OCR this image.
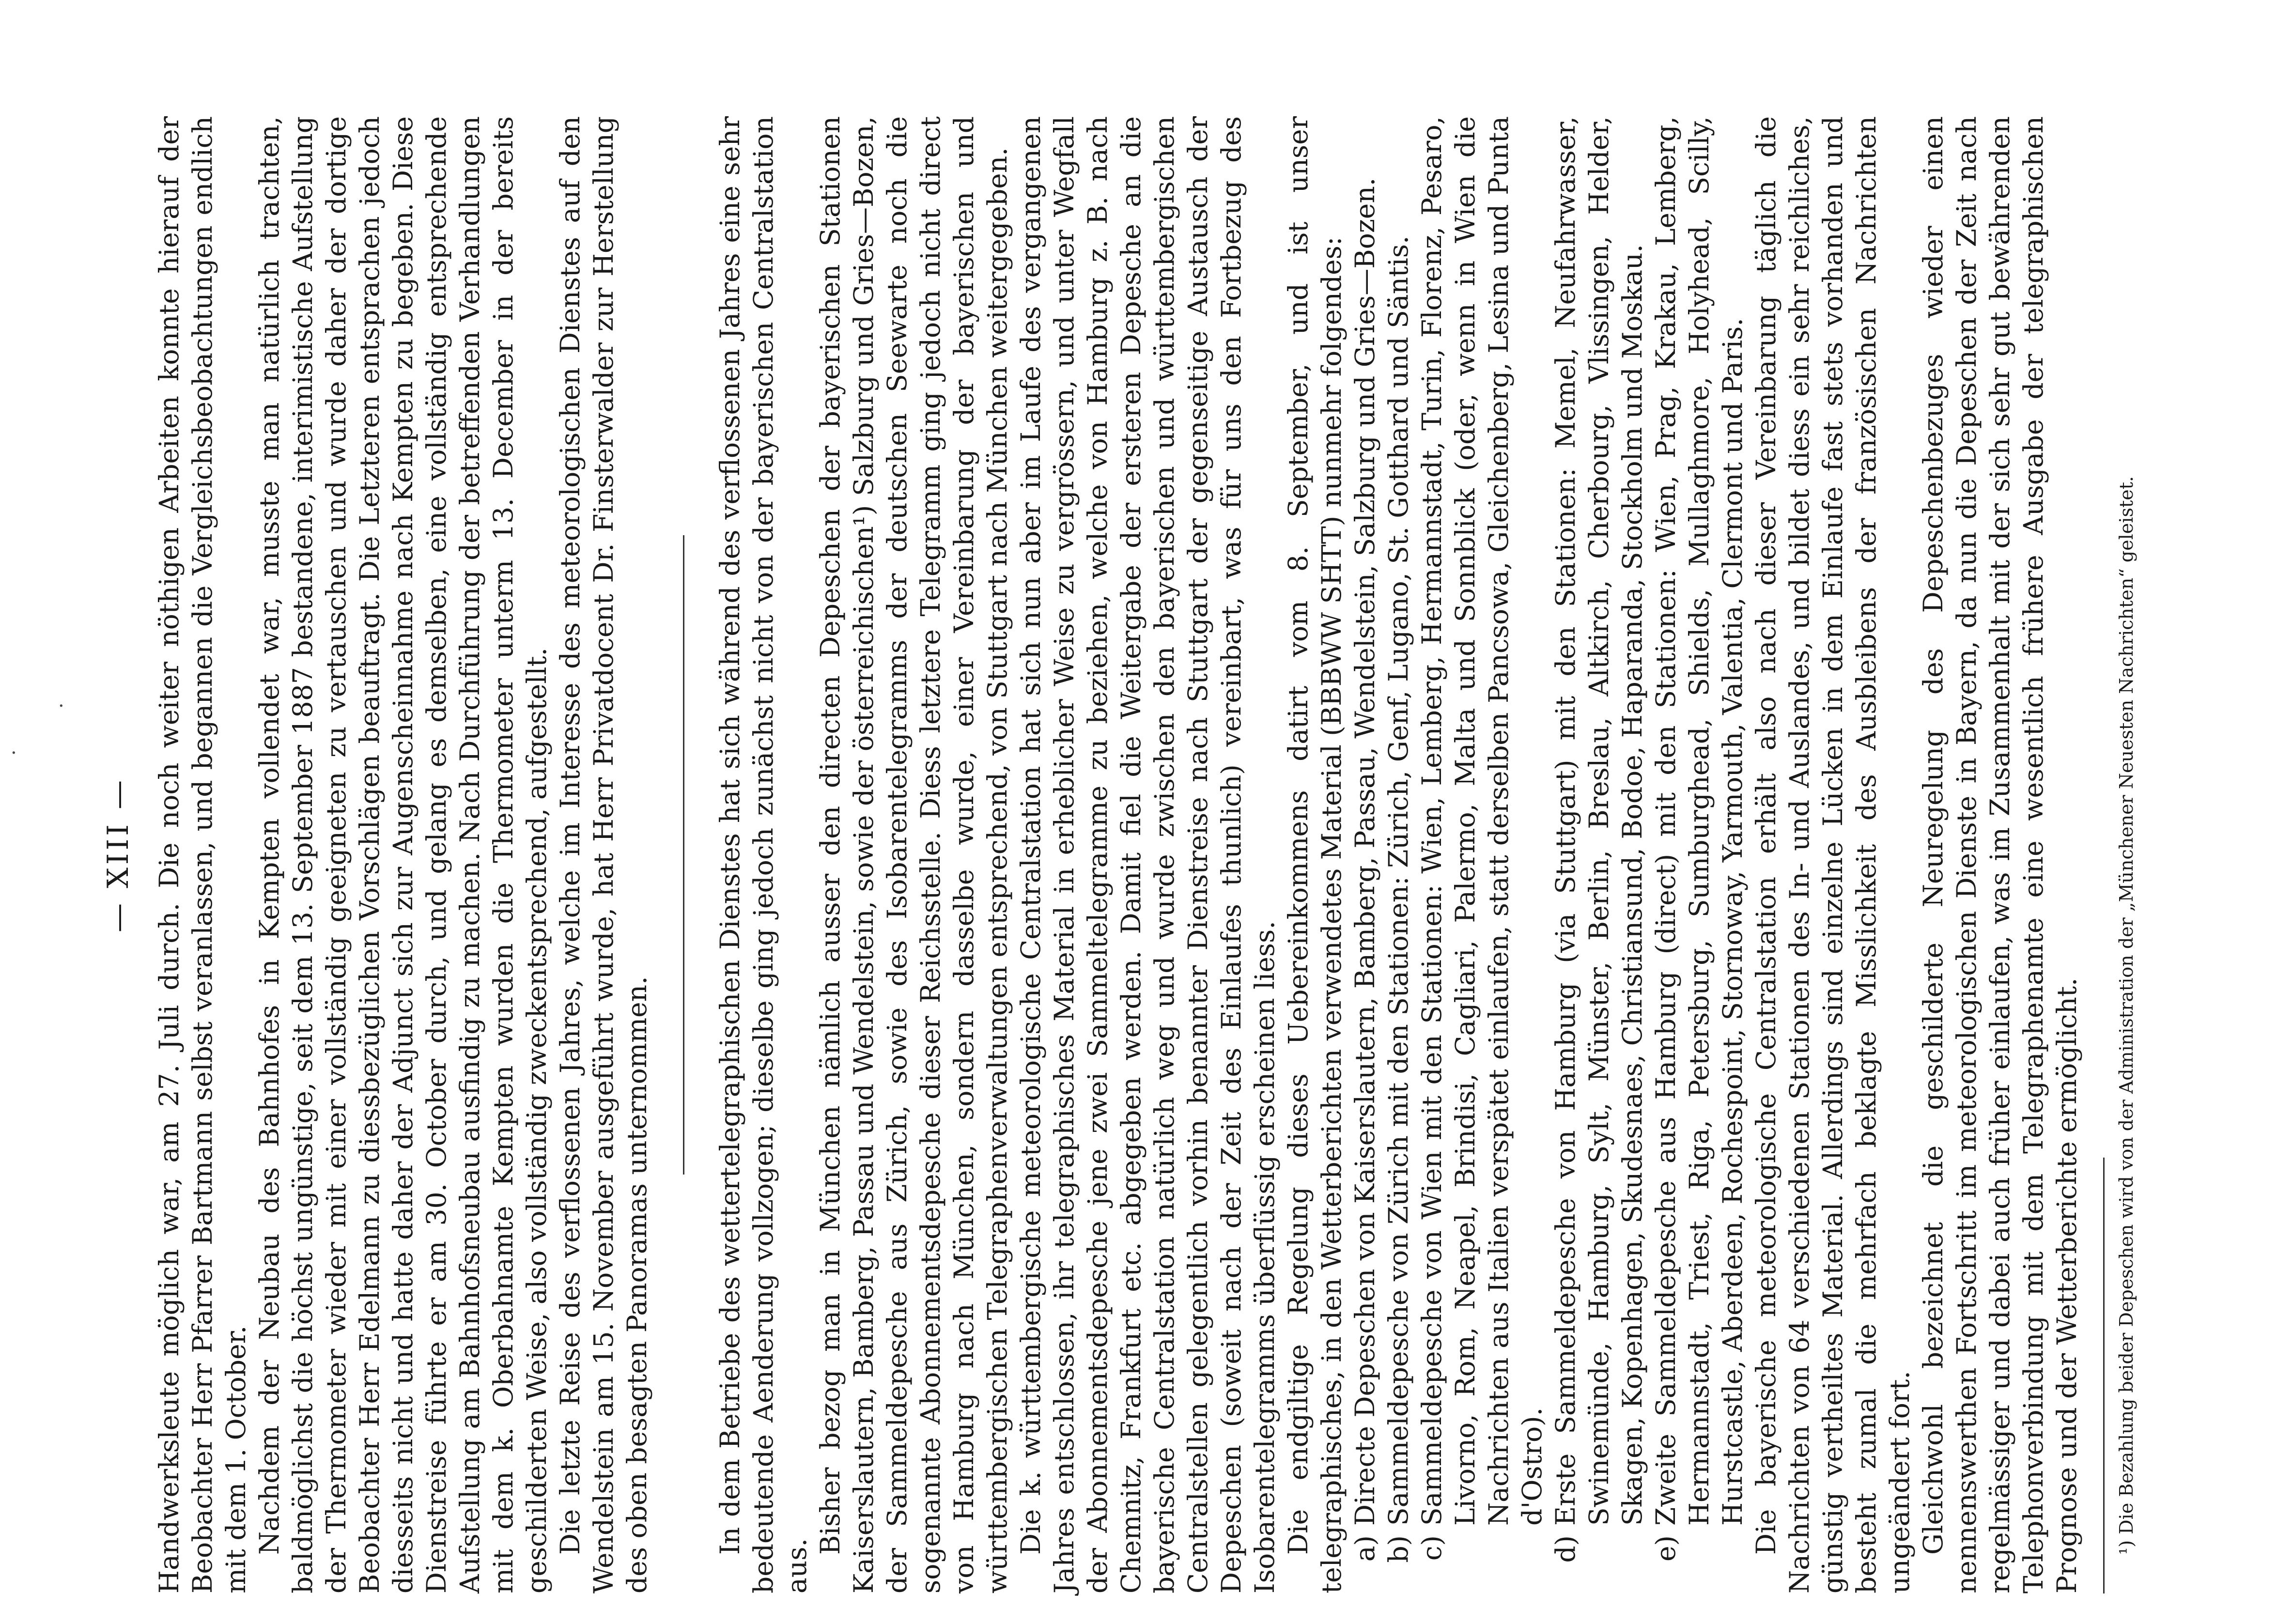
.
·
— XIII — Handwerksleute möglich war, am 27. Juli durch. Die noch weiter nöthigen Arbeiten konnte hierauf der Beobachter Herr Pfarrer Bartmann selbst veranlassen, und begannen die Vergleichsbeobachtungen endlich mit dem 1. October. Nachdem der Neubau des Bahnhofes in Kempten vollendet war, musste man natürlich trachten, baldmöglichst die höchst ungünstige, seit dem 13. September 1887 bestandene, interimistische Aufstellung der Thermometer wieder mit einer vollständig geeigneten zu vertauschen und wurde daher der dortige Beobachter Herr Edelmann zu diessbezüglichen Vorschlägen beauftragt. Die Letzteren entsprachen jedoch diesseits nicht und hatte daher der Adjunct sich zur Augenscheinnahme nach Kempten zu begeben. Diese Dienstreise führte er am 30. October durch, und gelang es demselben, eine vollständig entsprechende Aufstellung am Bahnhofsneubau ausfindig zu machen. Nach Durchführung der betreffenden Verhandlungen mit dem k. Oberbahnamte Kempten wurden die Thermometer unterm 13. December in der bereits geschilderten Weise, also vollständig zweckentsprechend, aufgestellt. Die letzte Reise des verflossenen Jahres, welche im Interesse des meteorologischen Dienstes auf den Wendelstein am 15. November ausgeführt wurde, hat Herr Privatdocent Dr. Finsterwalder zur Herstellung des oben besagten Panoramas unternommen. In dem Betriebe des wettertelegraphischen Dienstes hat sich während des verflossenen Jahres eine sehr bedeutende Aenderung vollzogen; dieselbe ging jedoch zunächst nicht von der bayerischen Centralstation aus.

Bisher bezog man in München nämlich ausser den directen Depeschen der bayerischen Stationen Kaiserslautern, Bamberg, Passau und Wendelstein, sowie der österreichischen¹) Salzburg und Gries—Bozen, der Sammeldepesche aus Zürich, sowie des Isobarentelegramms der deutschen Seewarte noch die sogenannte Abonnementsdepesche dieser Reichsstelle. Diess letztere Telegramm ging jedoch nicht direct von Hamburg nach München, sondern dasselbe wurde, einer Vereinbarung der bayerischen und württembergischen Telegraphenverwaltungen entsprechend, von Stuttgart nach München weitergegeben. Die k. württembergische meteorologische Centralstation hat sich nun aber im Laufe des vergangenen Jahres entschlossen, ihr telegraphisches Material in erheblicher Weise zu vergrössern, und unter Wegfall der Abonnementsdepesche jene zwei Sammeltelegramme zu beziehen, welche von Hamburg z. B. nach Chemnitz, Frankfurt etc. abgegeben werden. Damit fiel die Weitergabe der ersteren Depesche an die bayerische Centralstation natürlich weg und wurde zwischen den bayerischen und württembergischen Centralstellen gelegentlich vorhin benannter Dienstreise nach Stuttgart der gegenseitige Austausch der Depeschen (soweit nach der Zeit des Einlaufes thunlich) vereinbart, was für uns den Fortbezug des Isobarentelegramms überflüssig erscheinen liess. Die endgiltige Regelung dieses Uebereinkommens datirt vom 8. September, und ist unser telegraphisches, in den Wetterberichten verwendetes Material (BBBWW SHTT) nunmehr folgendes: a)
Directe Depeschen von Kaiserslautern, Bamberg, Passau, Wendelstein, Salzburg und Gries—Bozen.
b)
Sammeldepesche von Zürich mit den Stationen: Zürich, Genf, Lugano, St. Gotthard und Säntis.
c)
Sammeldepesche von Wien mit den Stationen: Wien, Lemberg, Hermannstadt, Turin, Florenz, Pesaro, Livorno, Rom, Neapel, Brindisi, Cagliari, Palermo, Malta und Sonnblick (oder, wenn in Wien die Nachrichten aus Italien verspätet einlaufen, statt derselben Pancsowa, Gleichenberg, Lesina und Punta d'Ostro).
d)
Erste Sammeldepesche von Hamburg (via Stuttgart) mit den Stationen: Memel, Neufahrwasser, Swinemünde, Hamburg, Sylt, Münster, Berlin, Breslau, Altkirch, Cherbourg, Vlissingen, Helder, Skagen, Kopenhagen, Skudesnaes, Christiansund, Bodoe, Haparanda, Stockholm und Moskau.
e)
Zweite Sammeldepesche aus Hamburg (direct) mit den Stationen: Wien, Prag, Krakau, Lemberg, Hermannstadt, Triest, Riga, Petersburg, Sumburghead, Shields, Mullaghmore, Holyhead, Scilly, Hurstcastle, Aberdeen, Rochespoint, Stornoway, Yarmouth, Valentia, Clermont und Paris. Die bayerische meteorologische Centralstation erhält also nach dieser Vereinbarung täglich die Nachrichten von 64 verschiedenen Stationen des In- und Auslandes, und bildet diess ein sehr reichliches, günstig vertheiltes Material. Allerdings sind einzelne Lücken in dem Einlaufe fast stets vorhanden und besteht zumal die mehrfach beklagte Misslichkeit des Ausbleibens der französischen Nachrichten ungeändert fort. Gleichwohl bezeichnet die geschilderte Neuregelung des Depeschenbezuges wieder einen nennenswerthen Fortschritt im meteorologischen Dienste in Bayern, da nun die Depeschen der Zeit nach regelmässiger und dabei auch früher einlaufen, was im Zusammenhalt mit der sich sehr gut bewährenden Telephonverbindung mit dem Telegraphenamte eine wesentlich frühere Ausgabe der telegraphischen Prognose und der Wetterberichte ermöglicht. ¹) Die Bezahlung beider Depeschen wird von der Administration der „Münchener Neuesten Nachrichten“ geleistet.
